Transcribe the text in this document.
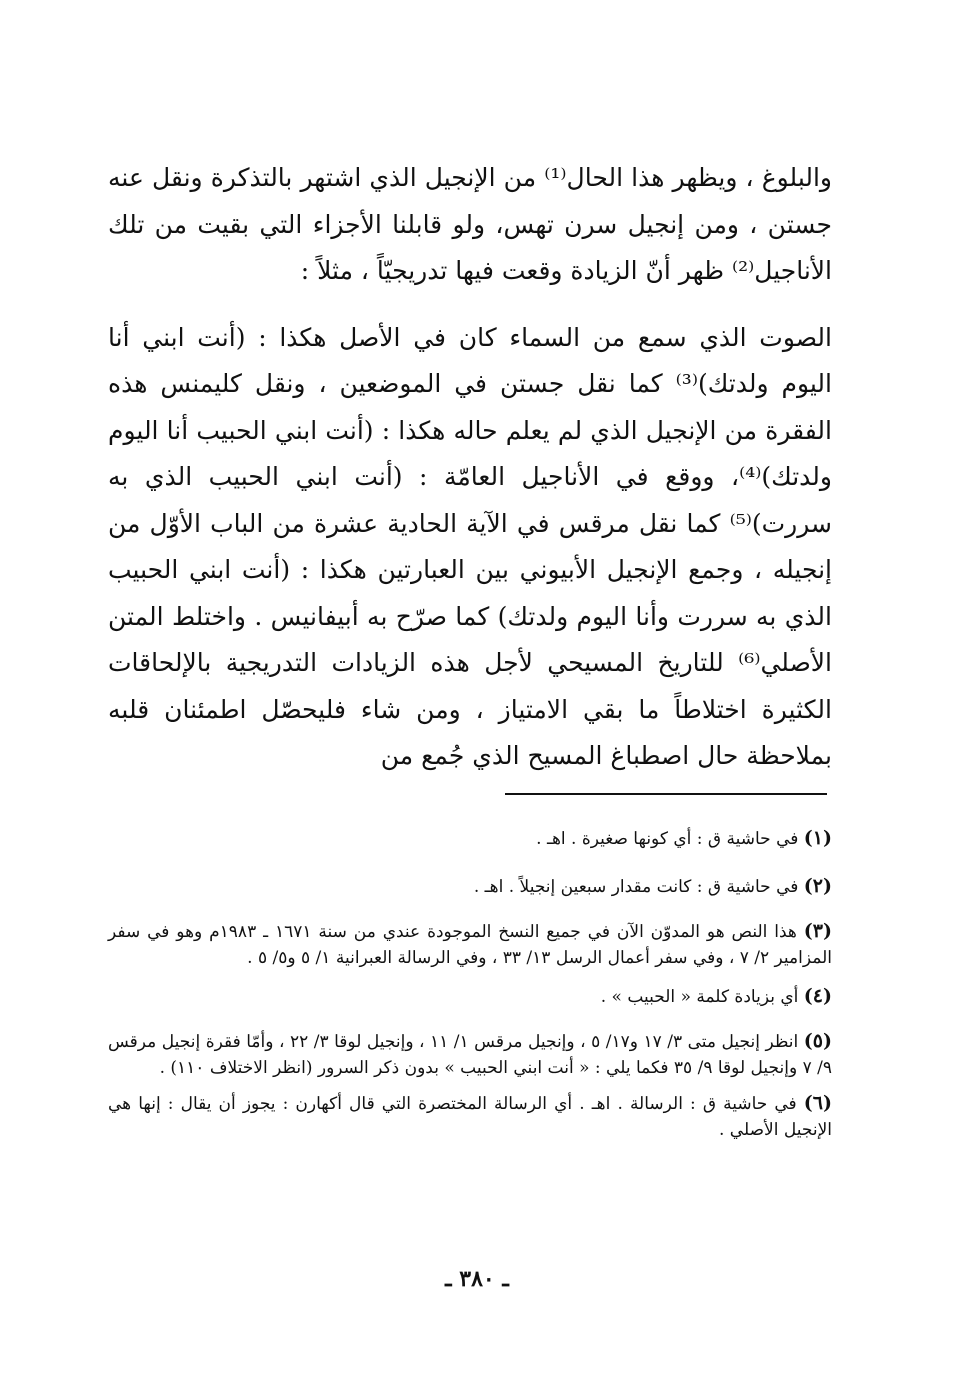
والبلوغ ، ويظهر هذا الحال⁽¹⁾ من الإنجيل الذي اشتهر بالتذكرة ونقل عنه جستن ، ومن إنجيل سرن تهس، ولو قابلنا الأجزاء التي بقيت من تلك الأناجيل⁽²⁾ ظهر أنّ الزيادة وقعت فيها تدريجيّاً ، مثلاً :

الصوت الذي سمع من السماء كان في الأصل هكذا : (أنت ابني أنا اليوم ولدتك)⁽³⁾ كما نقل جستن في الموضعين ، ونقل كليمنس هذه الفقرة من الإنجيل الذي لم يعلم حاله هكذا : (أنت ابني الحبيب أنا اليوم ولدتك)⁽⁴⁾، ووقع في الأناجيل العامّة : (أنت ابني الحبيب الذي به سررت)⁽⁵⁾ كما نقل مرقس في الآية الحادية عشرة من الباب الأوّل من إنجيله ، وجمع الإنجيل الأبيوني بين العبارتين هكذا : (أنت ابني الحبيب الذي به سررت وأنا اليوم ولدتك) كما صرّح به أبيفانيس . واختلط المتن الأصلي⁽⁶⁾ للتاريخ المسيحي لأجل هذه الزيادات التدريجية بالإلحاقات الكثيرة اختلاطاً ما بقي الامتياز ، ومن شاء فليحصّل اطمئنان قلبه بملاحظة حال اصطباغ المسيح الذي جُمع من

(١) في حاشية ق : أي كونها صغيرة . اهـ .

(٢) في حاشية ق : كانت مقدار سبعين إنجيلاً . اهـ .

(٣) هذا النص هو المدوّن الآن في جميع النسخ الموجودة عندي من سنة ١٦٧١ ـ ١٩٨٣م وهو في سفر المزامير ٢/ ٧ ، وفي سفر أعمال الرسل ١٣/ ٣٣ ، وفي الرسالة العبرانية ١/ ٥ و٥/ ٥ .

(٤) أي بزيادة كلمة « الحبيب » .

(٥) انظر إنجيل متى ٣/ ١٧ و١٧/ ٥ ، وإنجيل مرقس ١/ ١١ ، وإنجيل لوقا ٣/ ٢٢ ، وأمّا فقرة إنجيل مرقس ٩/ ٧ وإنجيل لوقا ٩/ ٣٥ فكما يلي : « أنت ابني الحبيب » بدون ذكر السرور (انظر الاختلاف ١١٠) .

(٦) في حاشية ق : الرسالة . اهـ . أي الرسالة المختصرة التي قال أكهارن : يجوز أن يقال : إنها هي الإنجيل الأصلي .

ـ ٣٨٠ ـ
